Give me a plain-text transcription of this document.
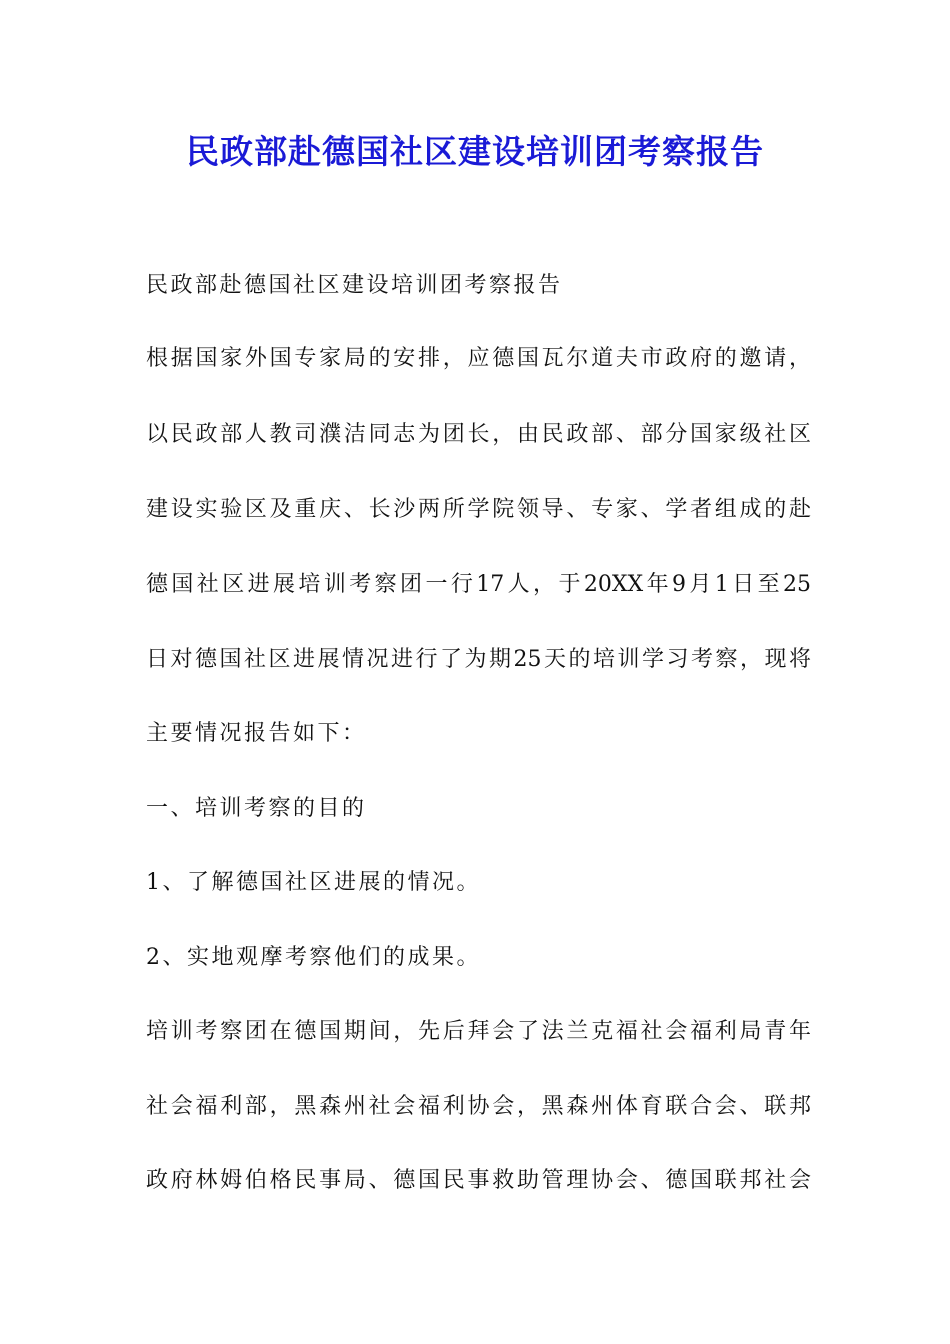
民政部赴德国社区建设培训团考察报告
民政部赴德国社区建设培训团考察报告
根据国家外国专家局的安排，应德国瓦尔道夫市政府的邀请，
以民政部人教司濮洁同志为团长，由民政部、部分国家级社区
建设实验区及重庆、长沙两所学院领导、专家、学者组成的赴
德国社区进展培训考察团一行17人，于20XX年9月1日至25
日对德国社区进展情况进行了为期25天的培训学习考察，现将
主要情况报告如下：
一、培训考察的目的
1、了解德国社区进展的情况。
2、实地观摩考察他们的成果。
培训考察团在德国期间，先后拜会了法兰克福社会福利局青年
社会福利部，黑森州社会福利协会，黑森州体育联合会、联邦
政府林姆伯格民事局、德国民事救助管理协会、德国联邦社会
